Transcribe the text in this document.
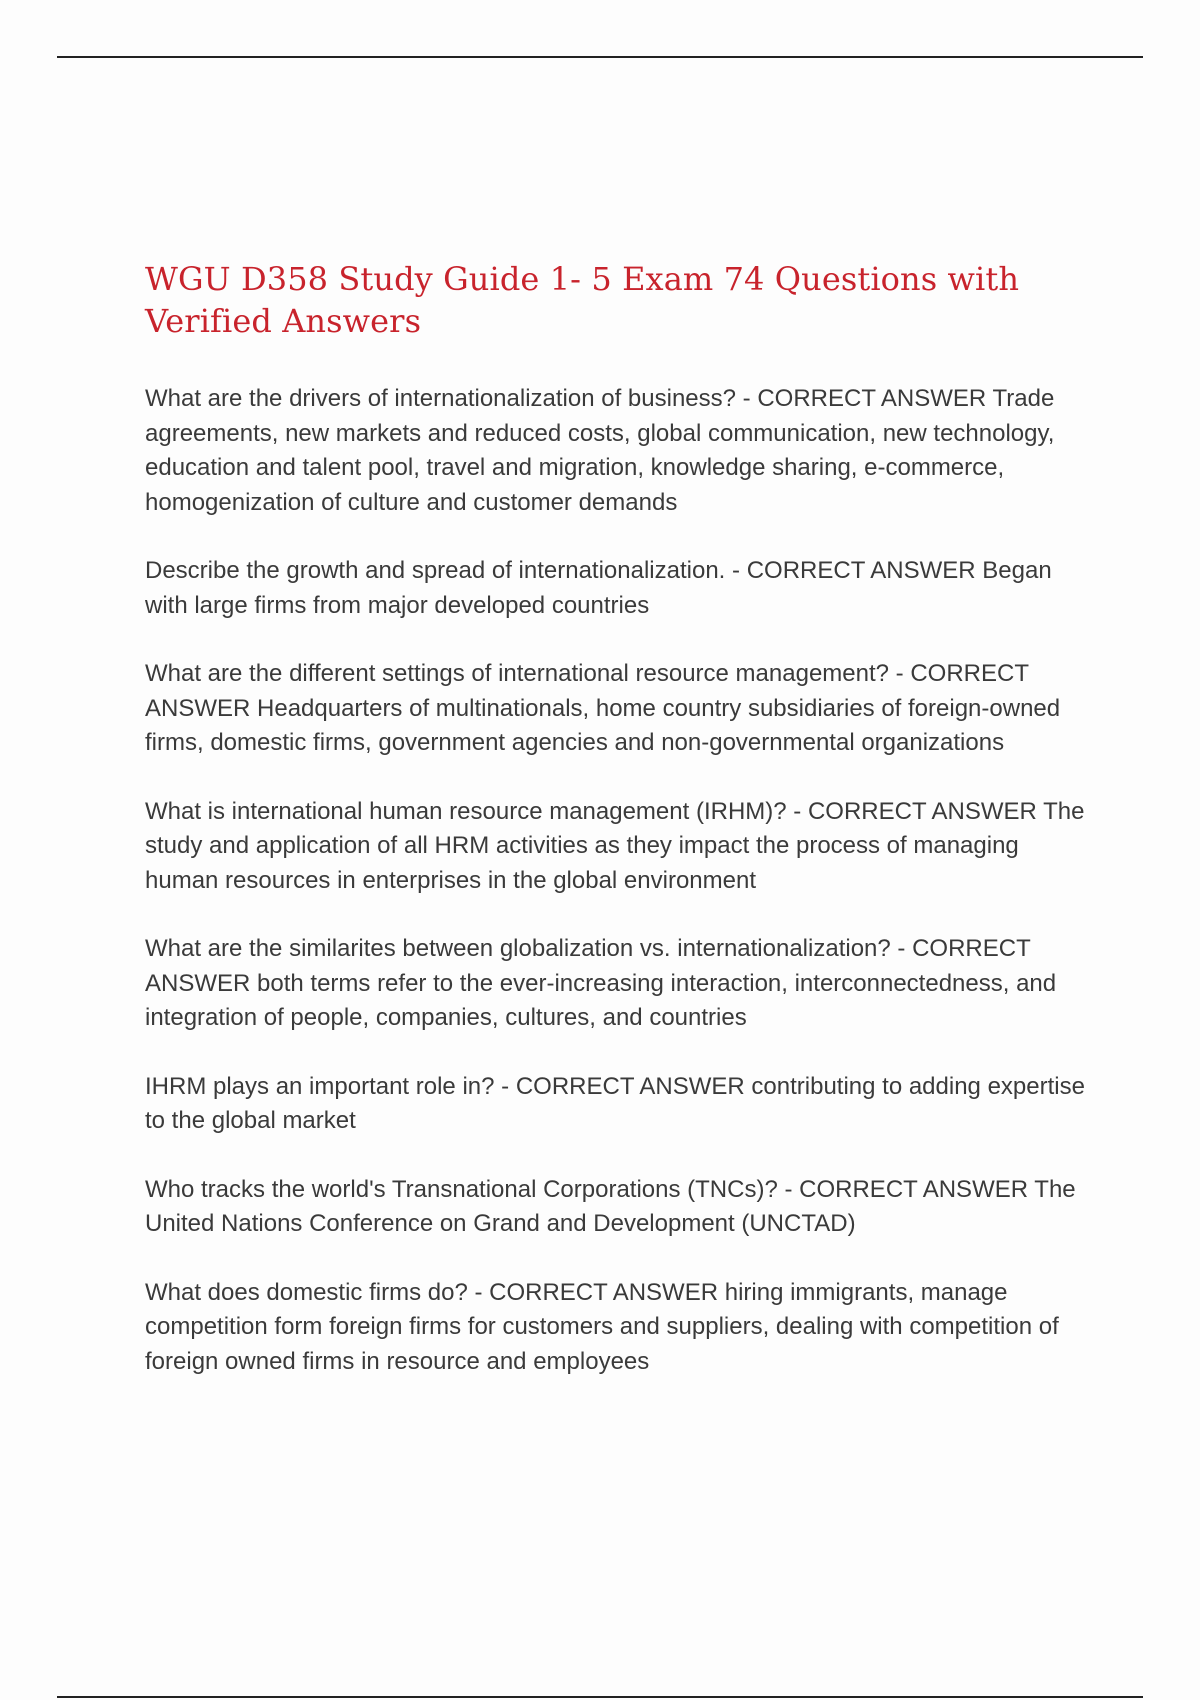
WGU D358 Study Guide 1- 5 Exam 74 Questions with Verified Answers

What are the drivers of internationalization of business? - CORRECT ANSWER Trade agreements, new markets and reduced costs, global communication, new technology, education and talent pool, travel and migration, knowledge sharing, e-commerce, homogenization of culture and customer demands

Describe the growth and spread of internationalization. - CORRECT ANSWER Began with large firms from major developed countries

What are the different settings of international resource management? - CORRECT ANSWER Headquarters of multinationals, home country subsidiaries of foreign-owned firms, domestic firms, government agencies and non-governmental organizations

What is international human resource management (IRHM)? - CORRECT ANSWER The study and application of all HRM activities as they impact the process of managing human resources in enterprises in the global environment

What are the similarites between globalization vs. internationalization? - CORRECT ANSWER both terms refer to the ever-increasing interaction, interconnectedness, and integration of people, companies, cultures, and countries

IHRM plays an important role in? - CORRECT ANSWER contributing to adding expertise to the global market

Who tracks the world's Transnational Corporations (TNCs)? - CORRECT ANSWER The United Nations Conference on Grand and Development (UNCTAD)

What does domestic firms do? - CORRECT ANSWER hiring immigrants, manage competition form foreign firms for customers and suppliers, dealing with competition of foreign owned firms in resource and employees
